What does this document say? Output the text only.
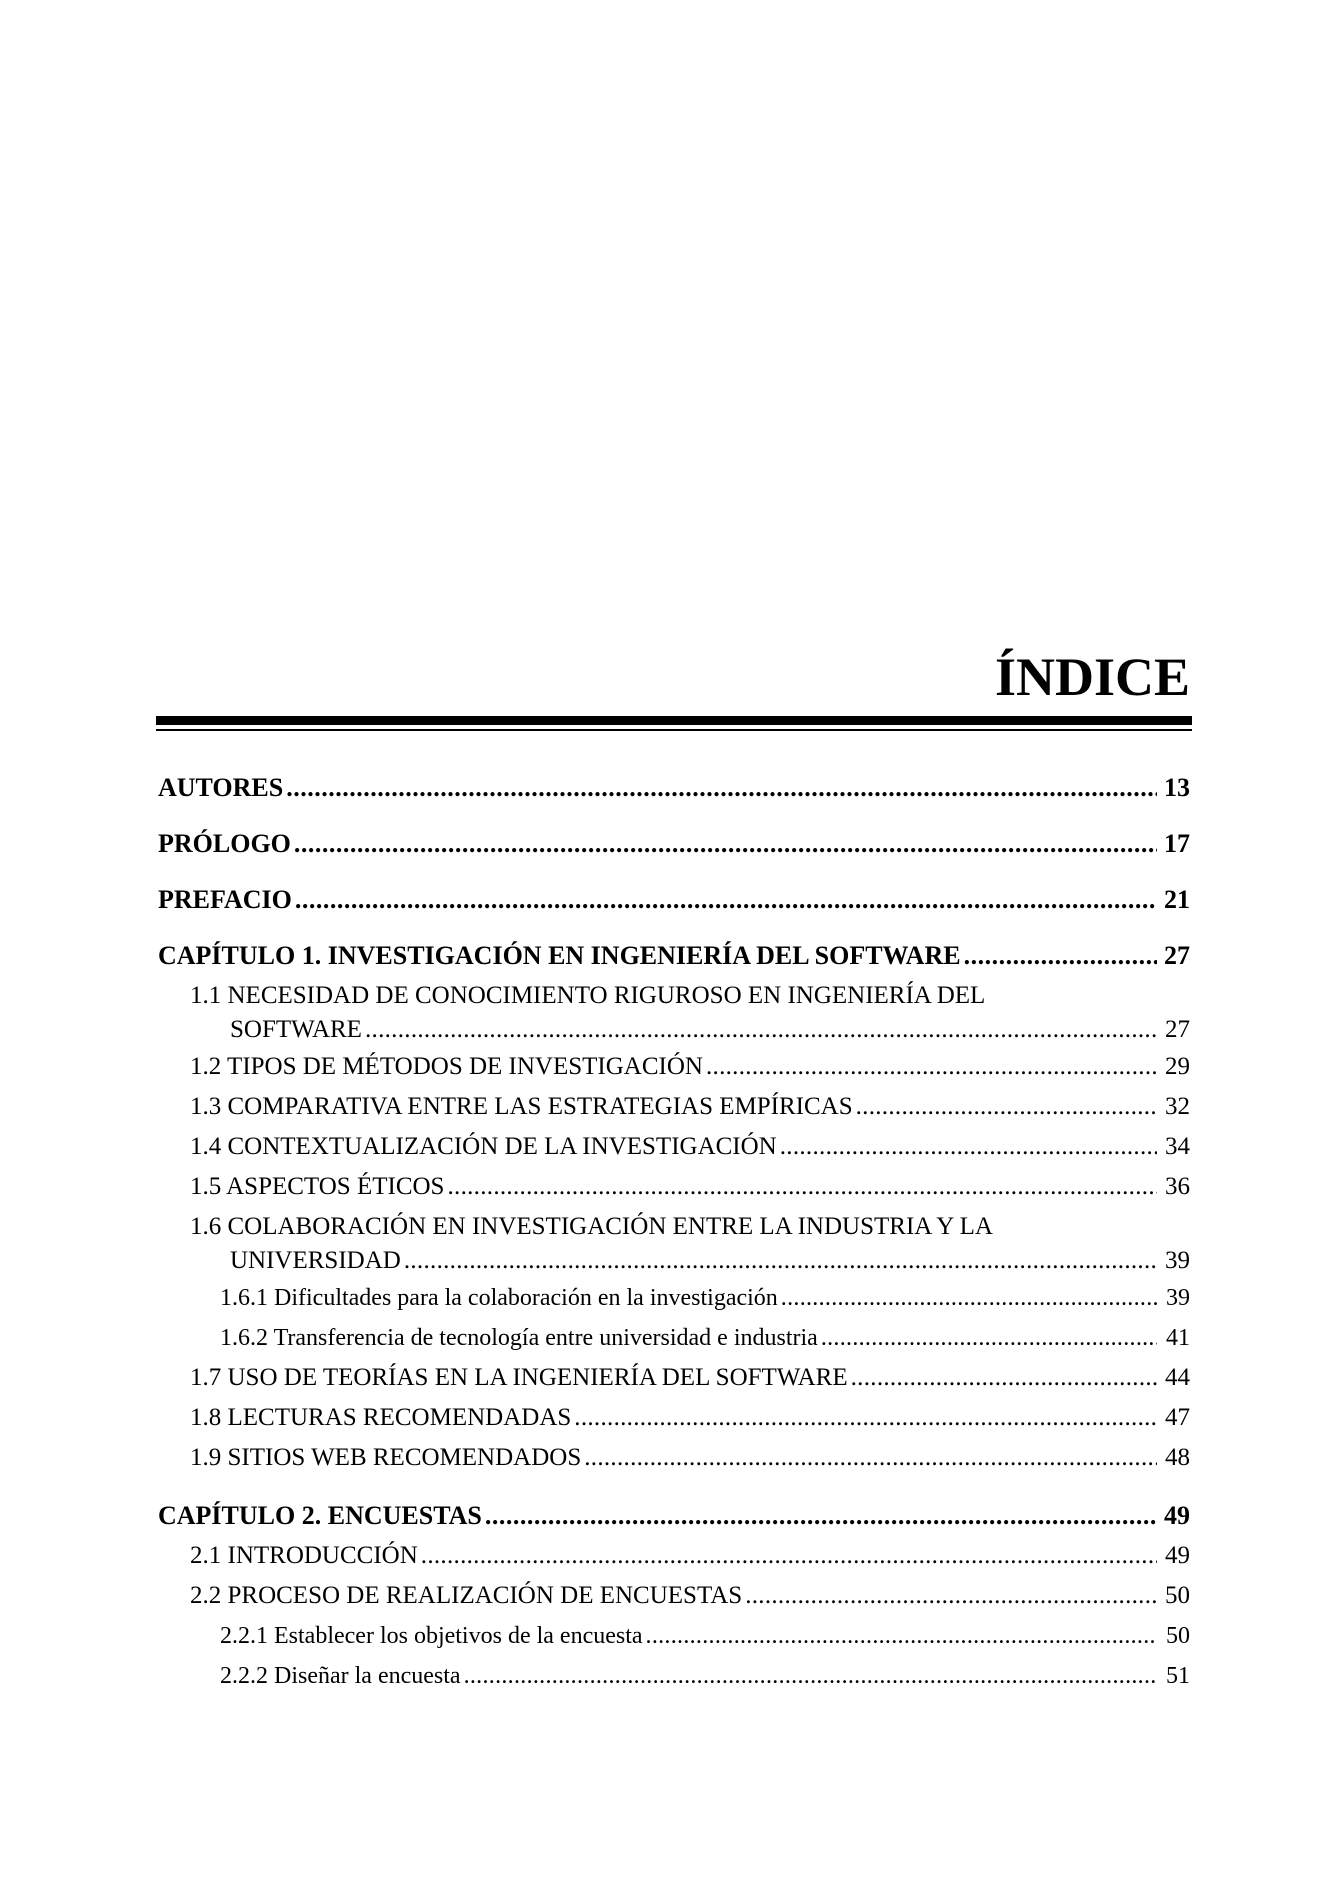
ÍNDICE
AUTORES .....	13
PRÓLOGO .....	17
PREFACIO .....	21
CAPÍTULO 1. INVESTIGACIÓN EN INGENIERÍA DEL SOFTWARE .....	27
1.1 NECESIDAD DE CONOCIMIENTO RIGUROSO EN INGENIERÍA DEL
SOFTWARE .....	27
1.2 TIPOS DE MÉTODOS DE INVESTIGACIÓN .....	29
1.3 COMPARATIVA ENTRE LAS ESTRATEGIAS EMPÍRICAS .....	32
1.4 CONTEXTUALIZACIÓN DE LA INVESTIGACIÓN .....	34
1.5 ASPECTOS ÉTICOS .....	36
1.6 COLABORACIÓN EN INVESTIGACIÓN ENTRE LA INDUSTRIA Y LA
UNIVERSIDAD .....	39
1.6.1 Dificultades para la colaboración en la investigación .....	39
1.6.2 Transferencia de tecnología entre universidad e industria .....	41
1.7 USO DE TEORÍAS EN LA INGENIERÍA DEL SOFTWARE .....	44
1.8 LECTURAS RECOMENDADAS .....	47
1.9 SITIOS WEB RECOMENDADOS .....	48
CAPÍTULO 2. ENCUESTAS .....	49
2.1 INTRODUCCIÓN .....	49
2.2 PROCESO DE REALIZACIÓN DE ENCUESTAS .....	50
2.2.1 Establecer los objetivos de la encuesta .....	50
2.2.2 Diseñar la encuesta .....	51
